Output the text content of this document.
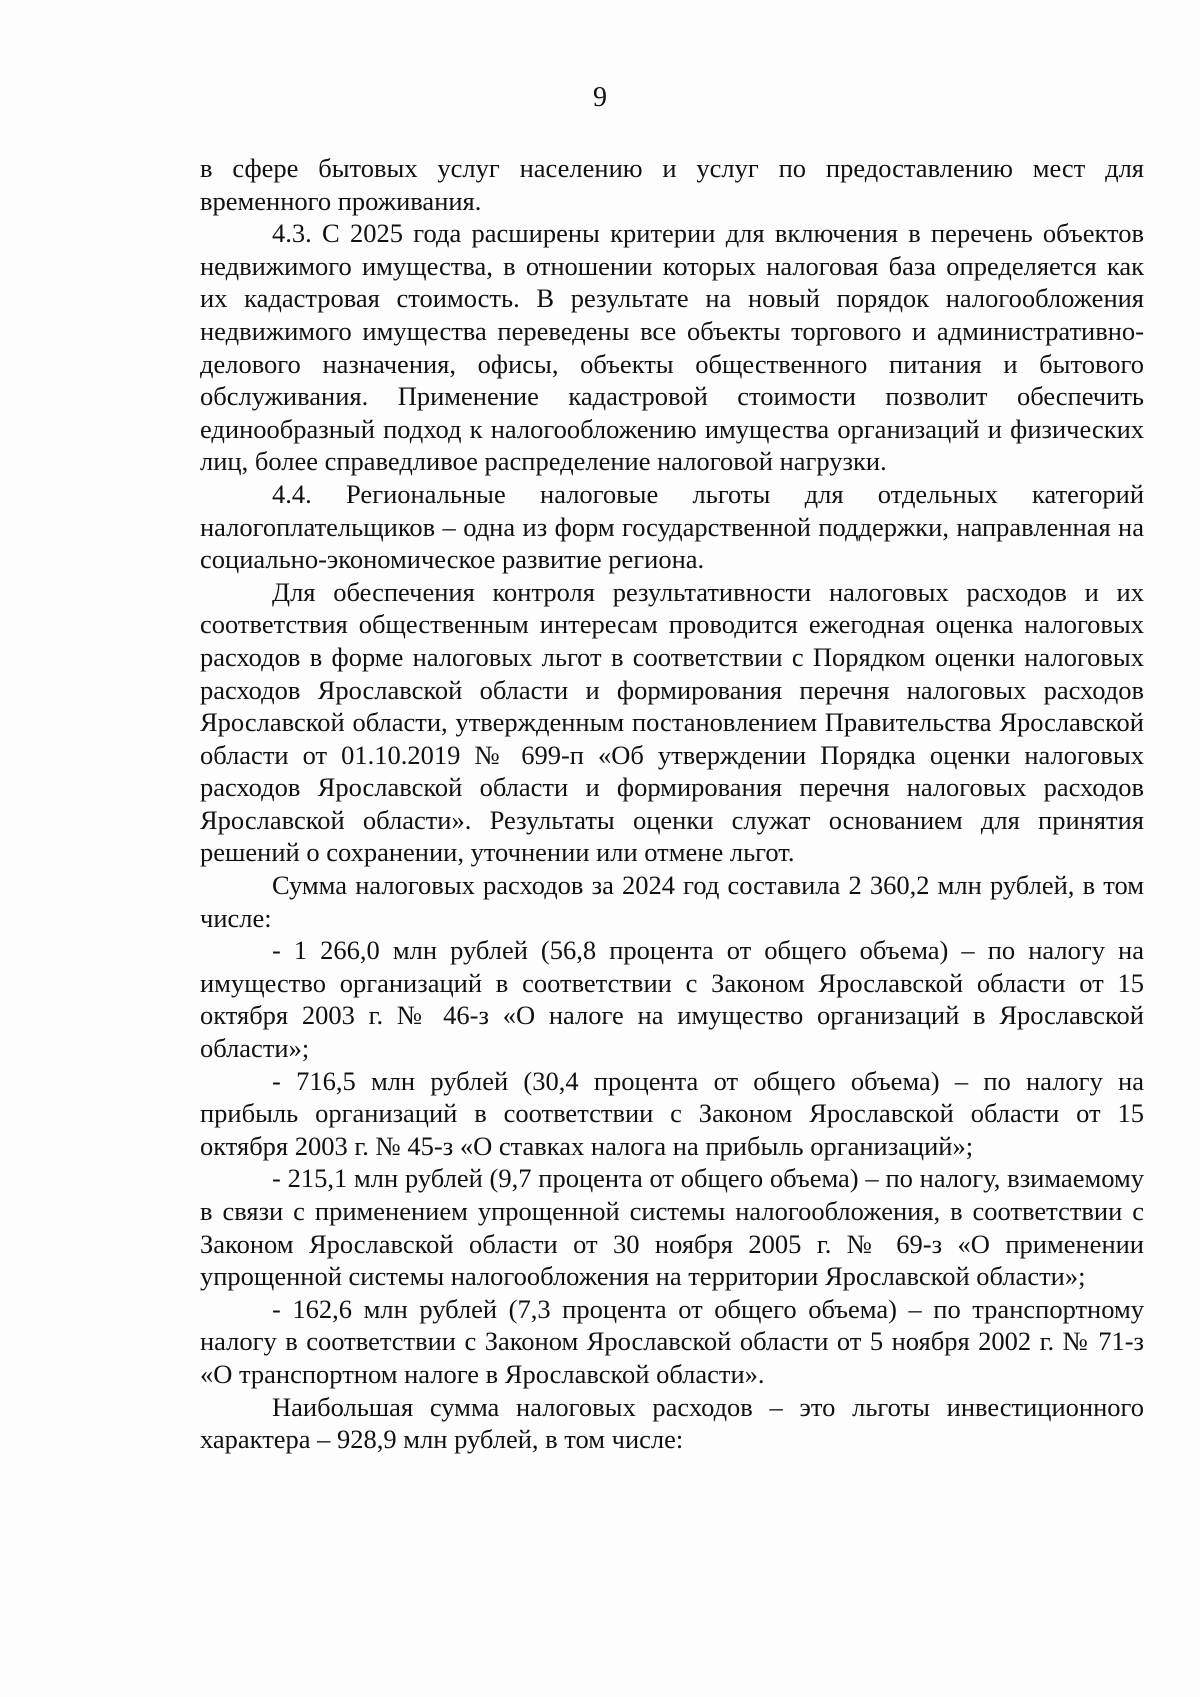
9

в сфере бытовых услуг населению и услуг по предоставлению мест для временного проживания.

4.3. С 2025 года расширены критерии для включения в перечень объектов недвижимого имущества, в отношении которых налоговая база определяется как их кадастровая стоимость. В результате на новый порядок налогообложения недвижимого имущества переведены все объекты торгового и административно-делового назначения, офисы, объекты общественного питания и бытового обслуживания. Применение кадастровой стоимости позволит обеспечить единообразный подход к налогообложению имущества организаций и физических лиц, более справедливое распределение налоговой нагрузки.

4.4. Региональные налоговые льготы для отдельных категорий налогоплательщиков – одна из форм государственной поддержки, направленная на социально-экономическое развитие региона.

Для обеспечения контроля результативности налоговых расходов и их соответствия общественным интересам проводится ежегодная оценка налоговых расходов в форме налоговых льгот в соответствии с Порядком оценки налоговых расходов Ярославской области и формирования перечня налоговых расходов Ярославской области, утвержденным постановлением Правительства Ярославской области от 01.10.2019 № 699-п «Об утверждении Порядка оценки налоговых расходов Ярославской области и формирования перечня налоговых расходов Ярославской области». Результаты оценки служат основанием для принятия решений о сохранении, уточнении или отмене льгот.

Сумма налоговых расходов за 2024 год составила 2 360,2 млн рублей, в том числе:

- 1 266,0 млн рублей (56,8 процента от общего объема) – по налогу на имущество организаций в соответствии с Законом Ярославской области от 15 октября 2003 г. № 46-з «О налоге на имущество организаций в Ярославской области»;

- 716,5 млн рублей (30,4 процента от общего объема) – по налогу на прибыль организаций в соответствии с Законом Ярославской области от 15 октября 2003 г. № 45-з «О ставках налога на прибыль организаций»;

- 215,1 млн рублей (9,7 процента от общего объема) – по налогу, взимаемому в связи с применением упрощенной системы налогообложения, в соответствии с Законом Ярославской области от 30 ноября 2005 г. № 69-з «О применении упрощенной системы налогообложения на территории Ярославской области»;

- 162,6 млн рублей (7,3 процента от общего объема) – по транспортному налогу в соответствии с Законом Ярославской области от 5 ноября 2002 г. № 71-з «О транспортном налоге в Ярославской области».

Наибольшая сумма налоговых расходов – это льготы инвестиционного характера – 928,9 млн рублей, в том числе:
